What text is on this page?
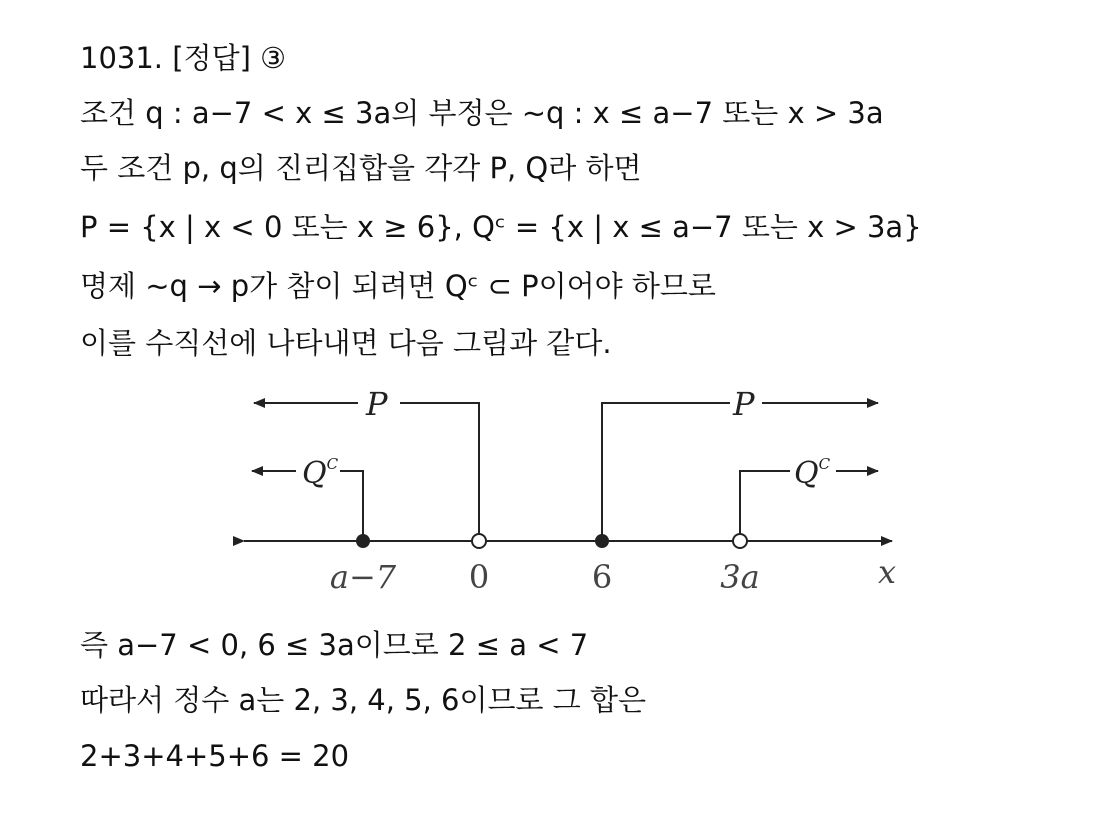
1031. [정답] ③
조건 q : a−7 < x ≤ 3a의 부정은 ∼q : x ≤ a−7 또는 x > 3a
두 조건 p, q의 진리집합을 각각 P, Q라 하면
P = {x | x < 0 또는 x ≥ 6}, Qᶜ = {x | x ≤ a−7 또는 x > 3a}
명제 ∼q → p가 참이 되려면 Qᶜ ⊂ P이어야 하므로
이를 수직선에 나타내면 다음 그림과 같다.
P	P
$Q^C$	$Q^C$
a−7 0	6	3a	x
즉 a−7 < 0, 6 ≤ 3a이므로 2 ≤ a < 7
따라서 정수 a는 2, 3, 4, 5, 6이므로 그 합은
2+3+4+5+6 = 20
